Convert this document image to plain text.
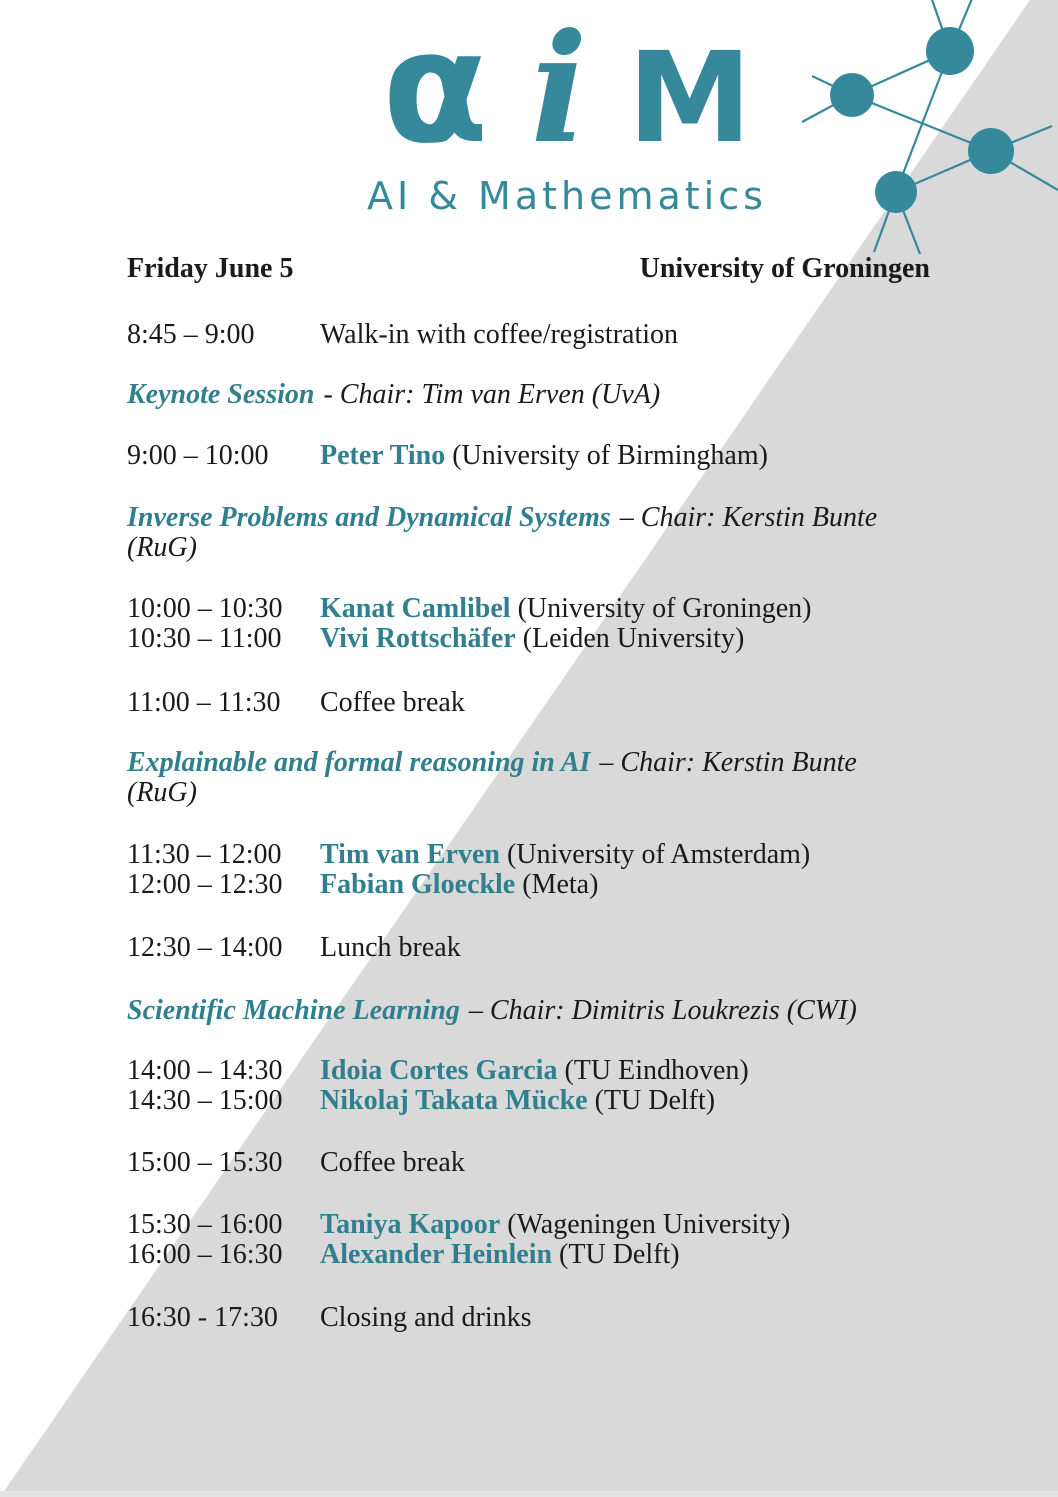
α i M
AI & Mathematics
Friday June 5	University of Groningen
8:45 – 9:00	Walk-in with coffee/registration
Keynote Session - Chair: Tim van Erven (UvA)
9:00 – 10:00	Peter Tino (University of Birmingham)
Inverse Problems and Dynamical Systems – Chair: Kerstin Bunte (RuG)
10:00 – 10:30	Kanat Camlibel (University of Groningen)
10:30 – 11:00	Vivi Rottschäfer (Leiden University)
11:00 – 11:30	Coffee break
Explainable and formal reasoning in AI – Chair: Kerstin Bunte (RuG)
11:30 – 12:00	Tim van Erven (University of Amsterdam)
12:00 – 12:30	Fabian Gloeckle (Meta)
12:30 – 14:00	Lunch break
Scientific Machine Learning – Chair: Dimitris Loukrezis (CWI)
14:00 – 14:30	Idoia Cortes Garcia (TU Eindhoven)
14:30 – 15:00	Nikolaj Takata Mücke (TU Delft)
15:00 – 15:30	Coffee break
15:30 – 16:00	Taniya Kapoor (Wageningen University)
16:00 – 16:30	Alexander Heinlein (TU Delft)
16:30 - 17:30	Closing and drinks
